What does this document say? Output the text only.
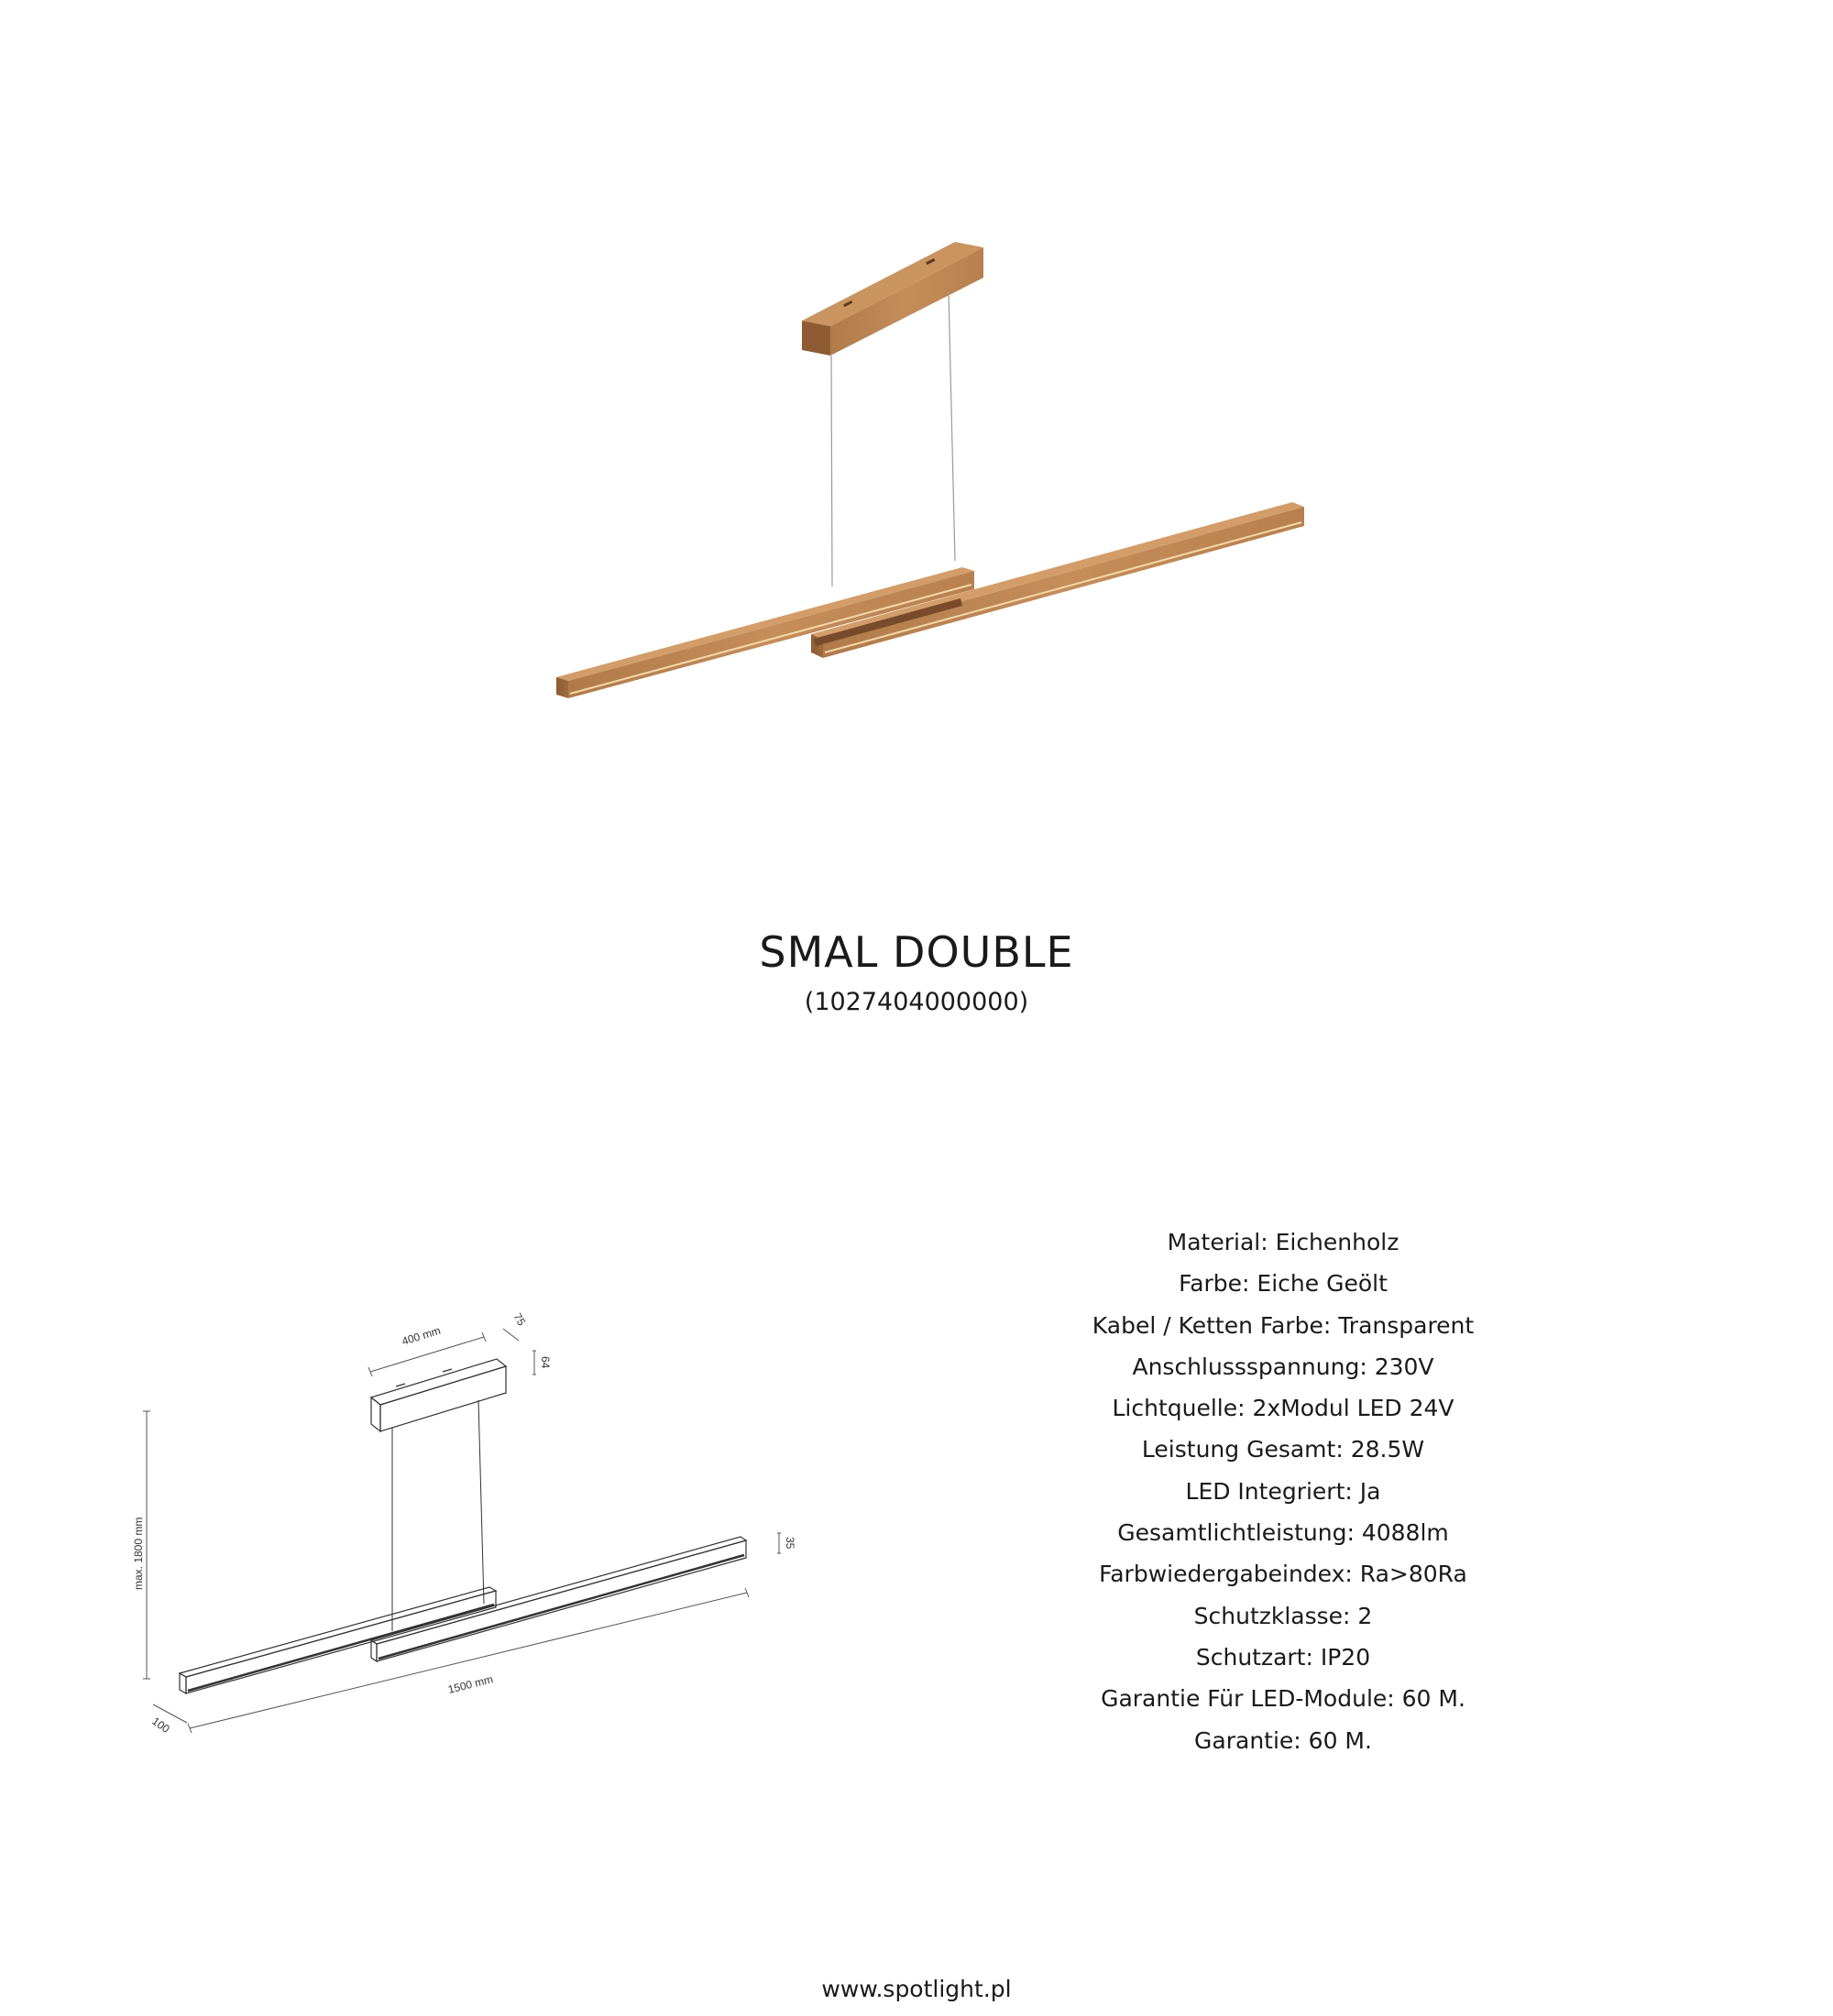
SMAL DOUBLE
(1027404000000)
400 mm
75
64
max. 1800 mm	35
1500 mm
100
Material: Eichenholz
Farbe: Eiche Geölt
Kabel / Ketten Farbe: Transparent
Anschlussspannung: 230V
Lichtquelle: 2xModul LED 24V
Leistung Gesamt: 28.5W
LED Integriert: Ja
Gesamtlichtleistung: 4088lm
Farbwiedergabeindex: Ra>80Ra
Schutzklasse: 2
Schutzart: IP20
Garantie Für LED-Module: 60 M.
Garantie: 60 M.
www.spotlight.pl
